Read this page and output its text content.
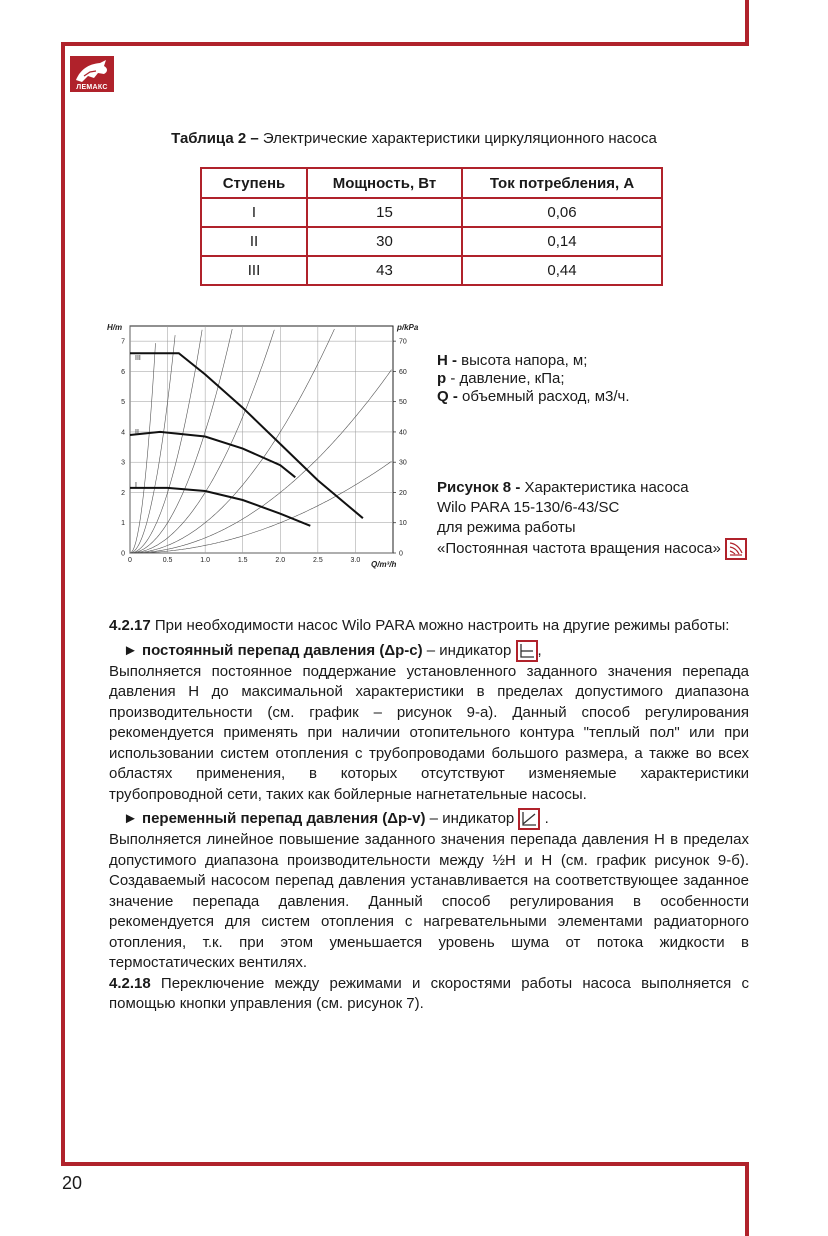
ЛЕМАКС
Таблица 2 – Электрические характеристики циркуляционного насоса
Ступень	Мощность, Вт	Ток потребления, А
I	15	0,06
II	30	0,14
III	43	0,44
0	0.5	1.0	1.5	2.0	2.5	3.0
0
1
2
3
4
5
6
7
0
10
20
30
40
50
60
70
H/m	p/kPa
Q/m³/h
III
II
I
H - высота напора, м;
p - давление, кПа;
Q - объемный расход, м3/ч.
Рисунок 8 - Характеристика насоса
Wilo PARA 15-130/6-43/SC
для режима работы
«Постоянная частота вращения насоса»

4.2.17 При необходимости насос Wilo PARA можно настроить на другие режимы работы:

► постоянный перепад давления (Δp-c) – индикатор ,

Выполняется постоянное поддержание установленного заданного значения перепада давления H до максимальной характеристики в пределах допустимого диапазона производительности (см. график – рисунок 9-а). Данный способ регулирования рекомендуется применять при наличии отопительного контура "теплый пол" или при использовании систем отопления с трубопроводами большого размера, а также во всех областях применения, в которых отсутствуют изменяемые характеристики трубопроводной сети, таких как бойлерные нагнетательные насосы.

► переменный перепад давления (Δp-v) – индикатор .

Выполняется линейное повышение заданного значения перепада давления H в пределах допустимого диапазона производительности между ½H и H (см. график рисунок 9-б). Создаваемый насосом перепад давления устанавливается на соответствующее заданное значение перепада давления. Данный способ регулирования в особенности рекомендуется для систем отопления с нагревательными элементами радиаторного отопления, т.к. при этом уменьшается уровень шума от потока жидкости в термостатических вентилях.

4.2.18 Переключение между режимами и скоростями работы насоса выполняется с помощью кнопки управления (см. рисунок 7).

20
